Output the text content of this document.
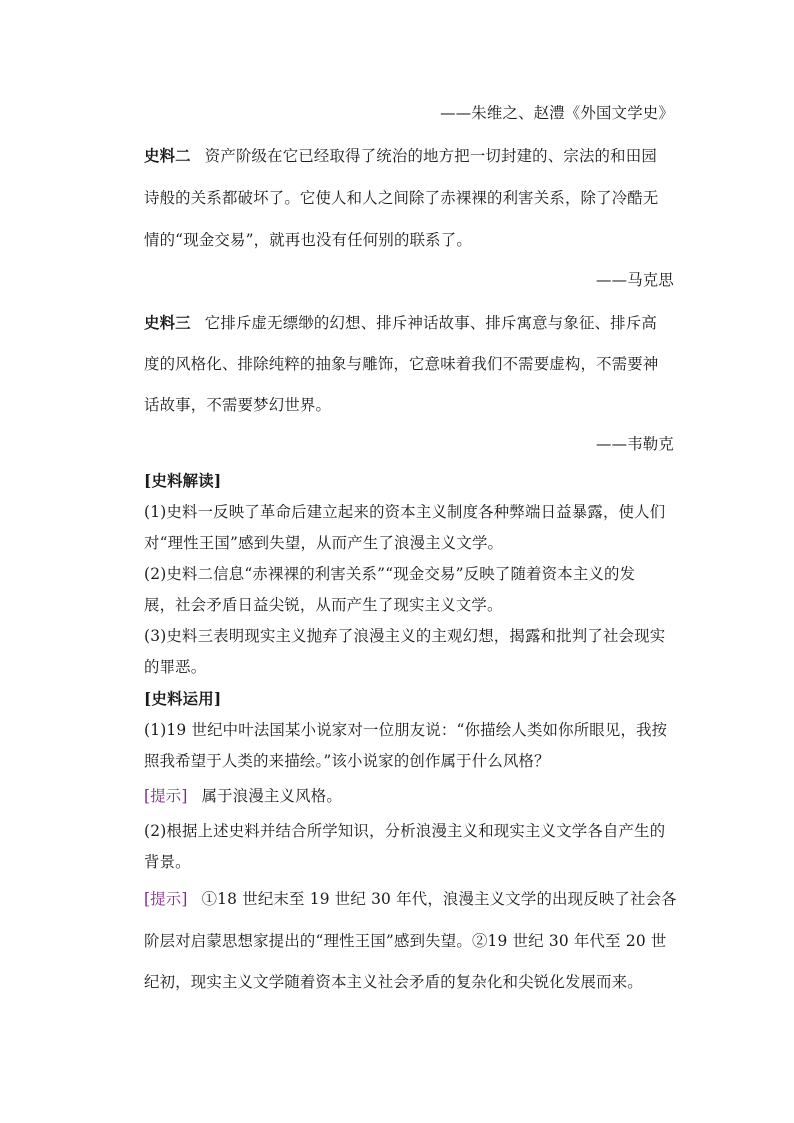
——朱维之、赵澧《外国文学史》
史料二 资产阶级在它已经取得了统治的地方把一切封建的、宗法的和田园
诗般的关系都破坏了。它使人和人之间除了赤裸裸的利害关系，除了冷酷无
情的“现金交易”，就再也没有任何别的联系了。
——马克思
史料三 它排斥虚无缥缈的幻想、排斥神话故事、排斥寓意与象征、排斥高
度的风格化、排除纯粹的抽象与雕饰，它意味着我们不需要虚构，不需要神
话故事，不需要梦幻世界。
——韦勒克
[史料解读]
(1)史料一反映了革命后建立起来的资本主义制度各种弊端日益暴露，使人们
对“理性王国”感到失望，从而产生了浪漫主义文学。
(2)史料二信息“赤裸裸的利害关系”“现金交易”反映了随着资本主义的发
展，社会矛盾日益尖锐，从而产生了现实主义文学。
(3)史料三表明现实主义抛弃了浪漫主义的主观幻想，揭露和批判了社会现实
的罪恶。
[史料运用]
(1)19 世纪中叶法国某小说家对一位朋友说：“你描绘人类如你所眼见，我按
照我希望于人类的来描绘。”该小说家的创作属于什么风格？
[提示] 属于浪漫主义风格。
(2)根据上述史料并结合所学知识，分析浪漫主义和现实主义文学各自产生的
背景。
[提示] ①18 世纪末至 19 世纪 30 年代，浪漫主义文学的出现反映了社会各
阶层对启蒙思想家提出的“理性王国”感到失望。②19 世纪 30 年代至 20 世
纪初，现实主义文学随着资本主义社会矛盾的复杂化和尖锐化发展而来。
